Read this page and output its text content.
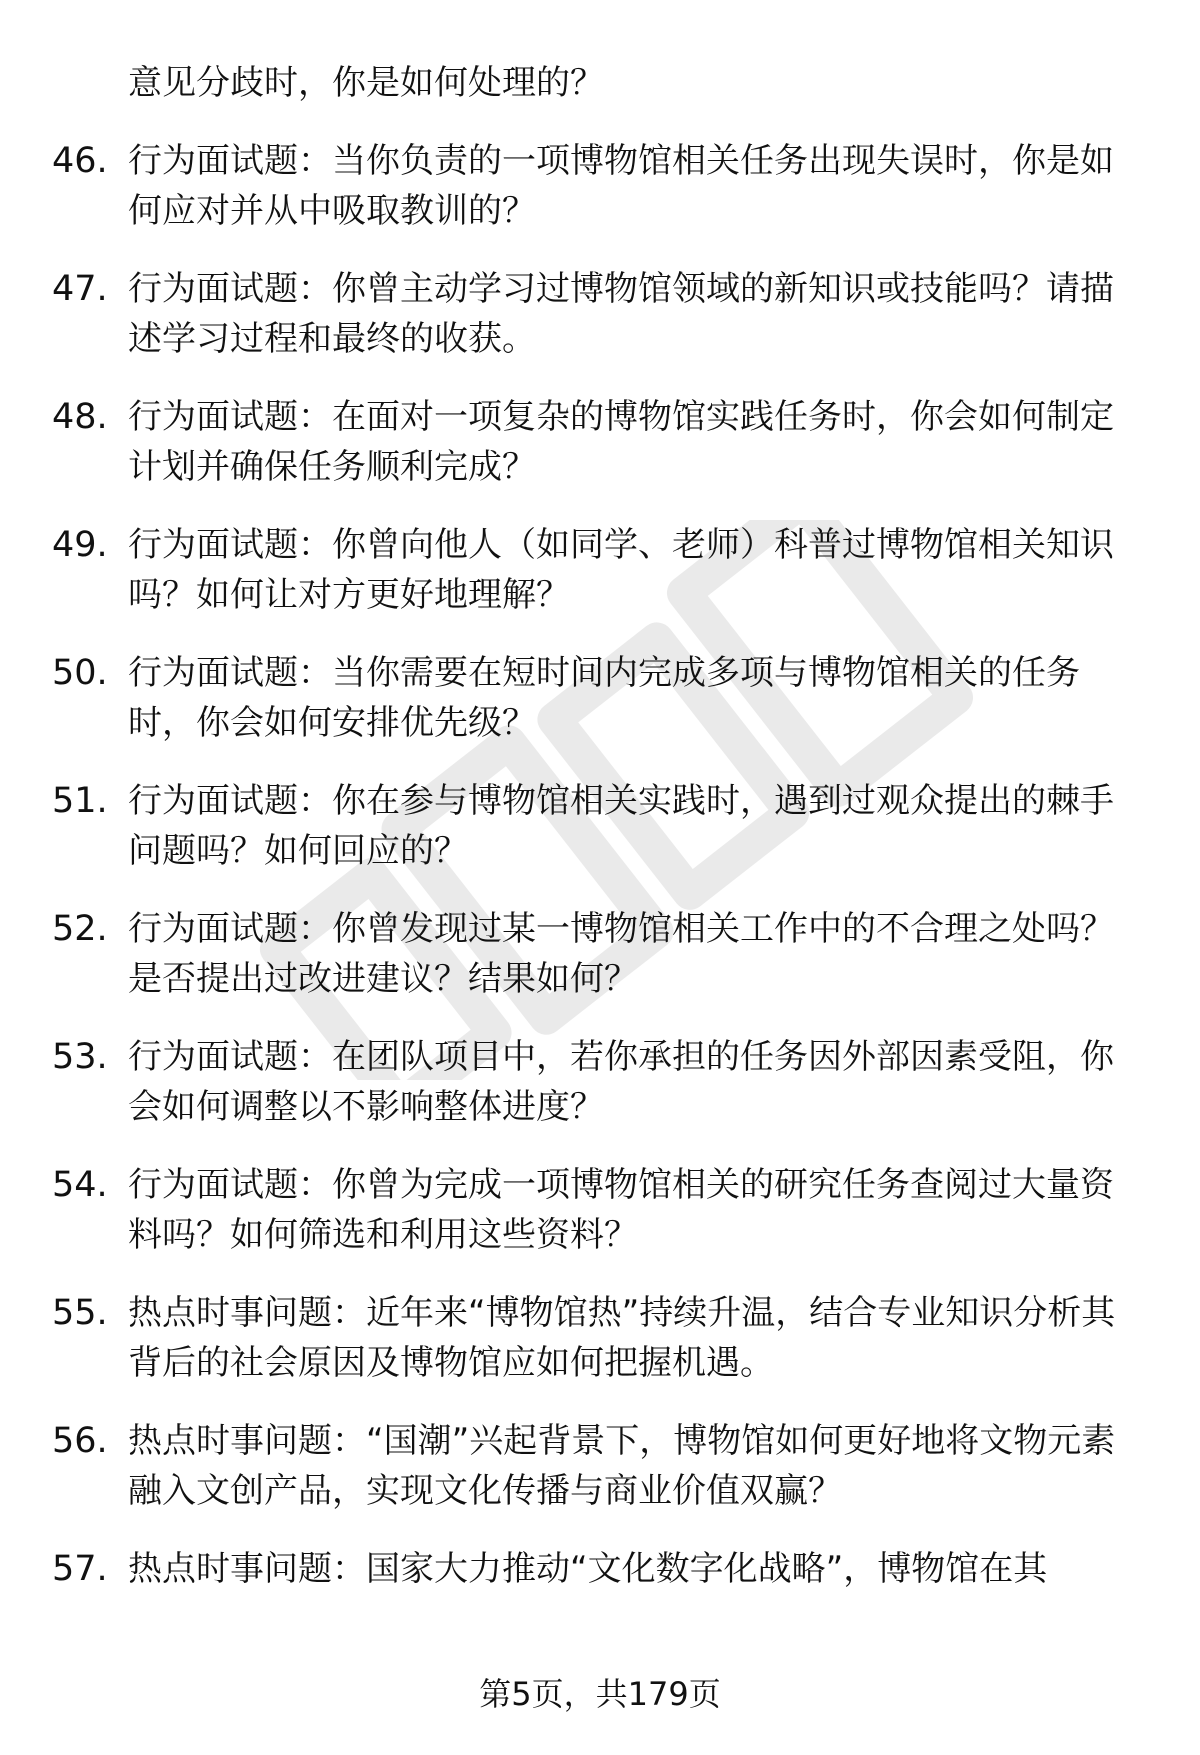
意见分歧时，你是如何处理的？
46. 行为面试题：当你负责的一项博物馆相关任务出现失误时，你是如何应对并从中吸取教训的？
47. 行为面试题：你曾主动学习过博物馆领域的新知识或技能吗？请描述学习过程和最终的收获。
48. 行为面试题：在面对一项复杂的博物馆实践任务时，你会如何制定计划并确保任务顺利完成？
49. 行为面试题：你曾向他人（如同学、老师）科普过博物馆相关知识吗？如何让对方更好地理解？
50. 行为面试题：当你需要在短时间内完成多项与博物馆相关的任务时，你会如何安排优先级？
51. 行为面试题：你在参与博物馆相关实践时，遇到过观众提出的棘手问题吗？如何回应的？
52. 行为面试题：你曾发现过某一博物馆相关工作中的不合理之处吗？是否提出过改进建议？结果如何？
53. 行为面试题：在团队项目中，若你承担的任务因外部因素受阻，你会如何调整以不影响整体进度？
54. 行为面试题：你曾为完成一项博物馆相关的研究任务查阅过大量资料吗？如何筛选和利用这些资料？
55. 热点时事问题：近年来“博物馆热”持续升温，结合专业知识分析其背后的社会原因及博物馆应如何把握机遇。
56. 热点时事问题：“国潮”兴起背景下，博物馆如何更好地将文物元素融入文创产品，实现文化传播与商业价值双赢？
57. 热点时事问题：国家大力推动“文化数字化战略”，博物馆在其
第5页，共179页
